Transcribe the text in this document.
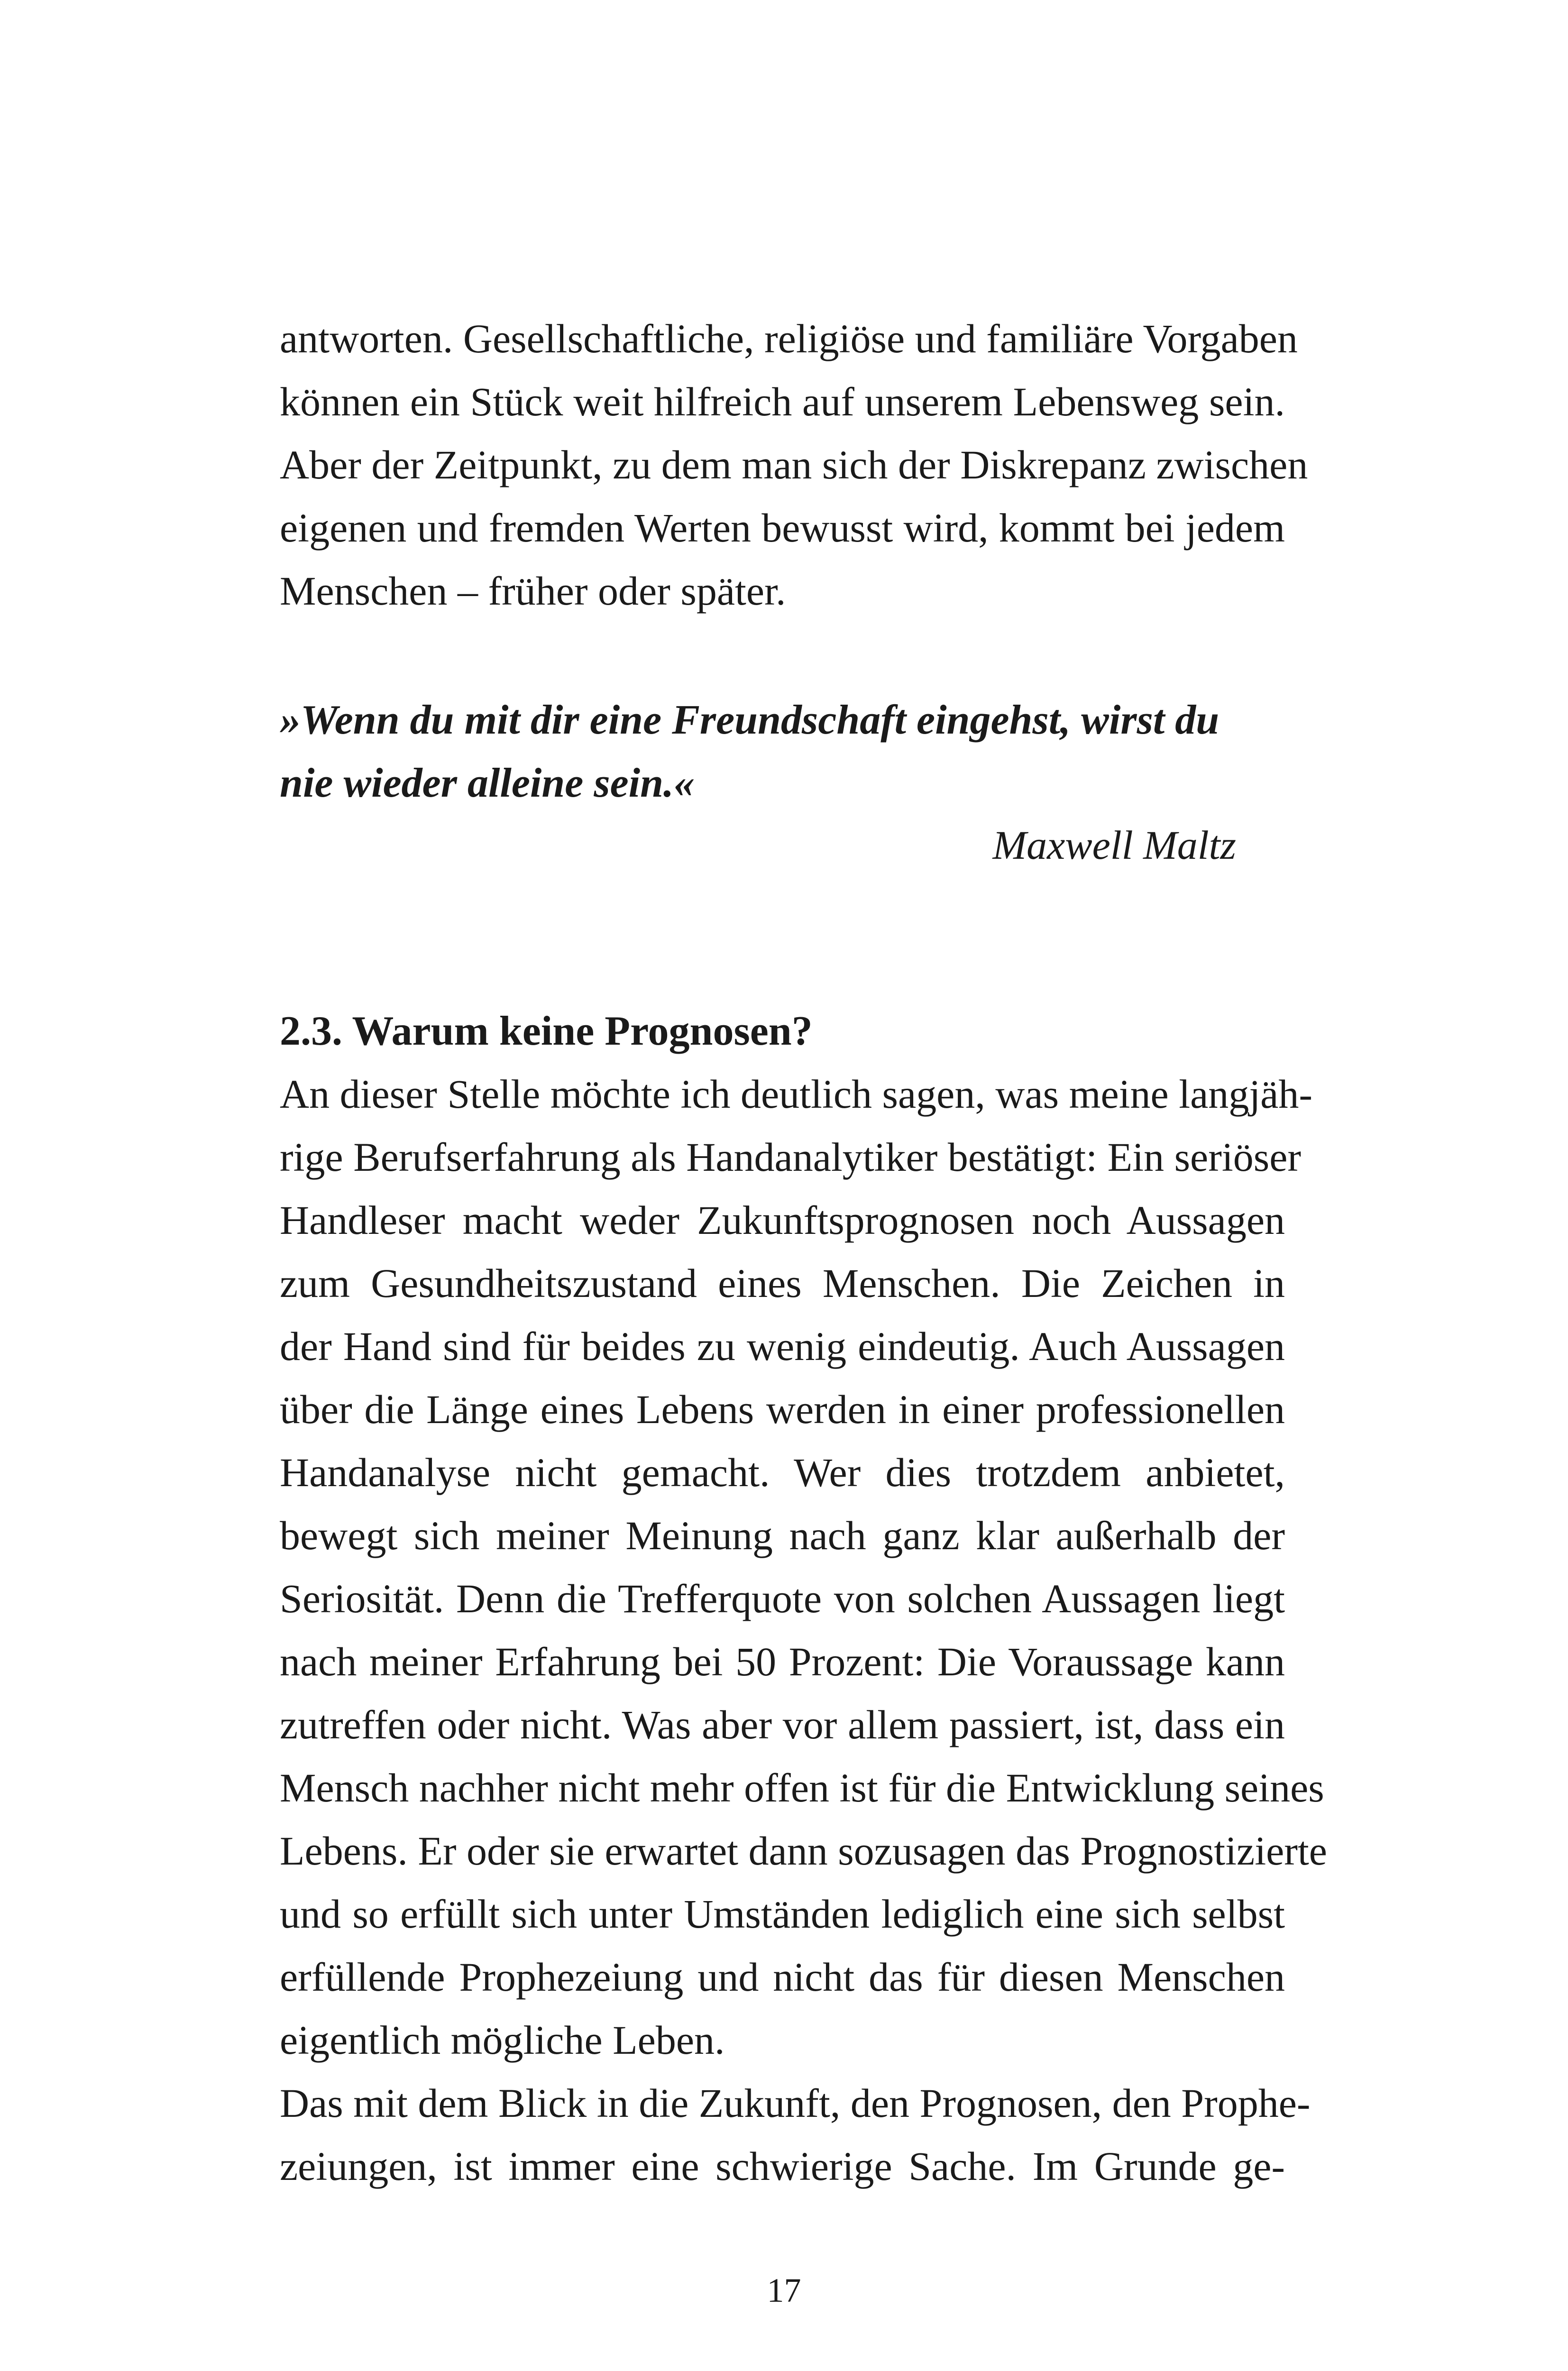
antworten. Gesellschaftliche, religiöse und familiäre Vorgaben
können ein Stück weit hilfreich auf unserem Lebensweg sein.
Aber der Zeitpunkt, zu dem man sich der Diskrepanz zwischen
eigenen und fremden Werten bewusst wird, kommt bei jedem
Menschen – früher oder später.
»Wenn du mit dir eine Freundschaft eingehst, wirst du
nie wieder alleine sein.«
Maxwell Maltz
2.3. Warum keine Prognosen?
An dieser Stelle möchte ich deutlich sagen, was meine langjäh-
rige Berufserfahrung als Handanalytiker bestätigt: Ein seriöser
Handleser macht weder Zukunftsprognosen noch Aussagen
zum Gesundheitszustand eines Menschen. Die Zeichen in
der Hand sind für beides zu wenig eindeutig. Auch Aussagen
über die Länge eines Lebens werden in einer professionellen
Handanalyse nicht gemacht. Wer dies trotzdem anbietet,
bewegt sich meiner Meinung nach ganz klar außerhalb der
Seriosität. Denn die Trefferquote von solchen Aussagen liegt
nach meiner Erfahrung bei 50 Prozent: Die Voraussage kann
zutreffen oder nicht. Was aber vor allem passiert, ist, dass ein
Mensch nachher nicht mehr offen ist für die Entwicklung seines
Lebens. Er oder sie erwartet dann sozusagen das Prognostizierte
und so erfüllt sich unter Umständen lediglich eine sich selbst
erfüllende Prophezeiung und nicht das für diesen Menschen
eigentlich mögliche Leben.
Das mit dem Blick in die Zukunft, den Prognosen, den Prophe-
zeiungen, ist immer eine schwierige Sache. Im Grunde ge-
17
